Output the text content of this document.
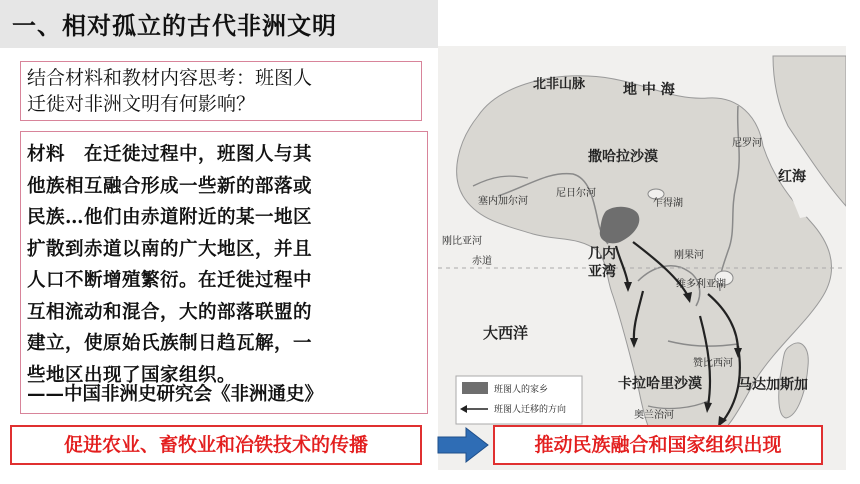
一、相对孤立的古代非洲文明
结合材料和教材内容思考：班图人
迁徙对非洲文明有何影响？
材料　在迁徙过程中，班图人与其
他族相互融合形成一些新的部落或
民族…他们由赤道附近的某一地区
扩散到赤道以南的广大地区，并且
人口不断增殖繁衍。在迁徙过程中
互相流动和混合，大的部落联盟的
建立，使原始氏族制日趋瓦解，一
些地区出现了国家组织。
——中国非洲史研究会《非洲通史》
北非山脉	地 中 海
尼罗河
撒哈拉沙漠
红海
塞内加尔河
尼日尔河
乍得湖
刚比亚河
几内
亚湾
刚果河
赤道
维多利亚湖
大西洋
赞比西河
卡拉哈里沙漠	马达加斯加
奥兰治河
班图人的家乡
班图人迁移的方向
促进农业、畜牧业和冶铁技术的传播	推动民族融合和国家组织出现
